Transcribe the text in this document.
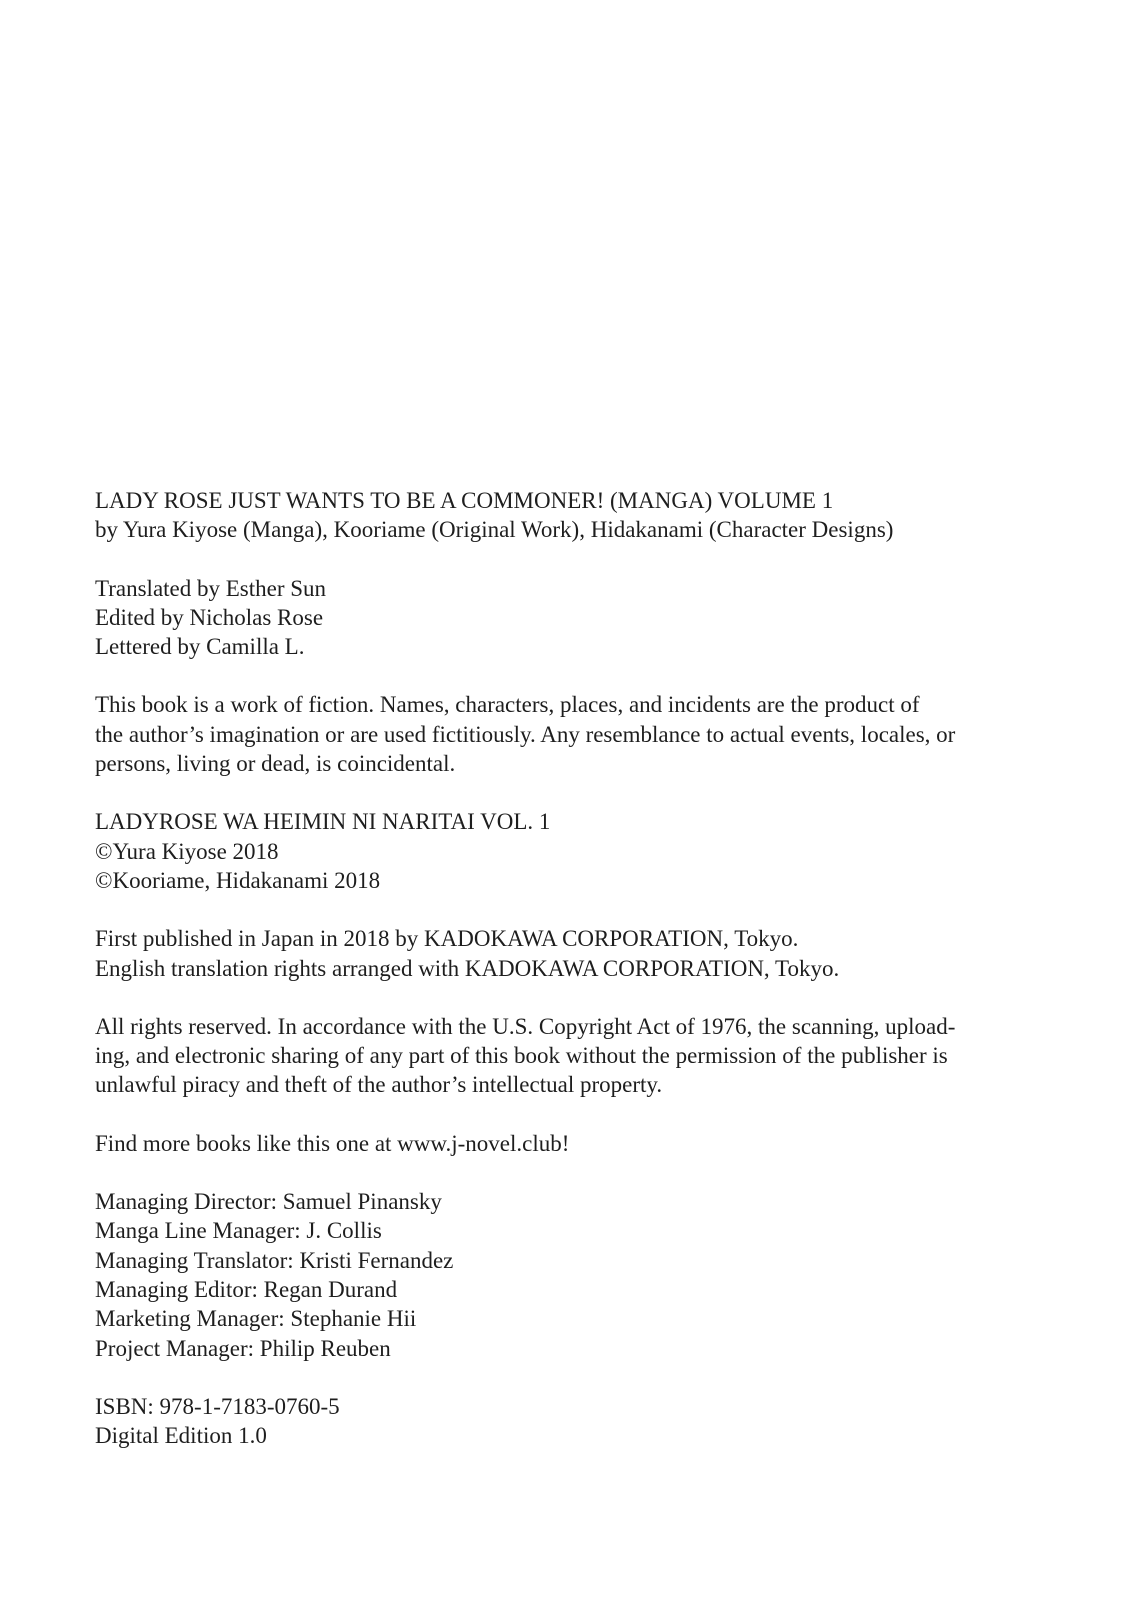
LADY ROSE JUST WANTS TO BE A COMMONER! (MANGA) VOLUME 1
by Yura Kiyose (Manga), Kooriame (Original Work), Hidakanami (Character Designs)
Translated by Esther Sun
Edited by Nicholas Rose
Lettered by Camilla L.
This book is a work of fiction. Names, characters, places, and incidents are the product of
the author’s imagination or are used fictitiously. Any resemblance to actual events, locales, or
persons, living or dead, is coincidental.
LADYROSE WA HEIMIN NI NARITAI VOL. 1
©Yura Kiyose 2018
©Kooriame, Hidakanami 2018
First published in Japan in 2018 by KADOKAWA CORPORATION, Tokyo.
English translation rights arranged with KADOKAWA CORPORATION, Tokyo.
All rights reserved. In accordance with the U.S. Copyright Act of 1976, the scanning, upload-
ing, and electronic sharing of any part of this book without the permission of the publisher is
unlawful piracy and theft of the author’s intellectual property.
Find more books like this one at www.j-novel.club!
Managing Director: Samuel Pinansky
Manga Line Manager: J. Collis
Managing Translator: Kristi Fernandez
Managing Editor: Regan Durand
Marketing Manager: Stephanie Hii
Project Manager: Philip Reuben
ISBN: 978-1-7183-0760-5
Digital Edition 1.0
